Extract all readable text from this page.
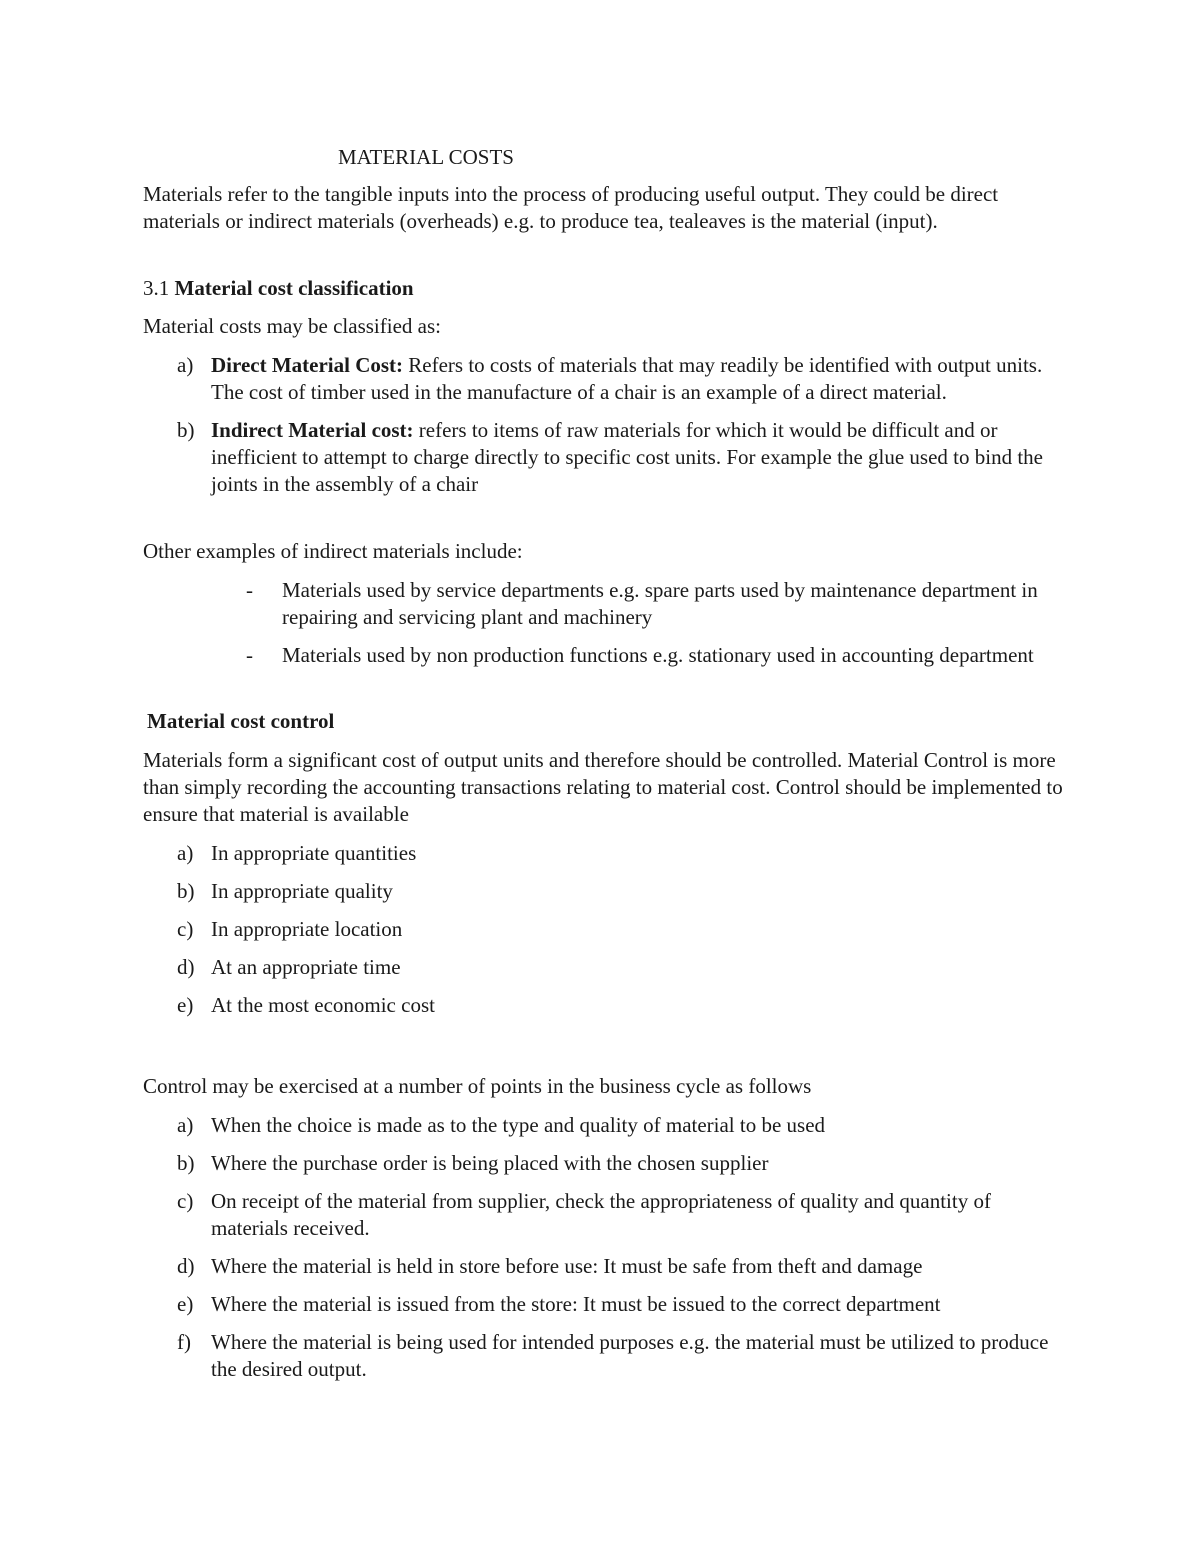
MATERIAL COSTS

Materials refer to the tangible inputs into the process of producing useful output. They could be direct materials or indirect materials (overheads) e.g. to produce tea, tealeaves is the material (input).

3.1 Material cost classification

Material costs may be classified as:

a) Direct Material Cost: Refers to costs of materials that may readily be identified with output units. The cost of timber used in the manufacture of a chair is an example of a direct material.
b) Indirect Material cost: refers to items of raw materials for which it would be difficult and or inefficient to attempt to charge directly to specific cost units. For example the glue used to bind the joints in the assembly of a chair

Other examples of indirect materials include:

- Materials used by service departments e.g. spare parts used by maintenance department in repairing and servicing plant and machinery
- Materials used by non production functions e.g. stationary used in accounting department

Material cost control

Materials form a significant cost of output units and therefore should be controlled. Material Control is more than simply recording the accounting transactions relating to material cost. Control should be implemented to ensure that material is available

a) In appropriate quantities
b) In appropriate quality
c) In appropriate location
d) At an appropriate time
e) At the most economic cost

Control may be exercised at a number of points in the business cycle as follows

a) When the choice is made as to the type and quality of material to be used
b) Where the purchase order is being placed with the chosen supplier
c) On receipt of the material from supplier, check the appropriateness of quality and quantity of materials received.
d) Where the material is held in store before use: It must be safe from theft and damage
e) Where the material is issued from the store: It must be issued to the correct department
f) Where the material is being used for intended purposes e.g. the material must be utilized to produce the desired output.
